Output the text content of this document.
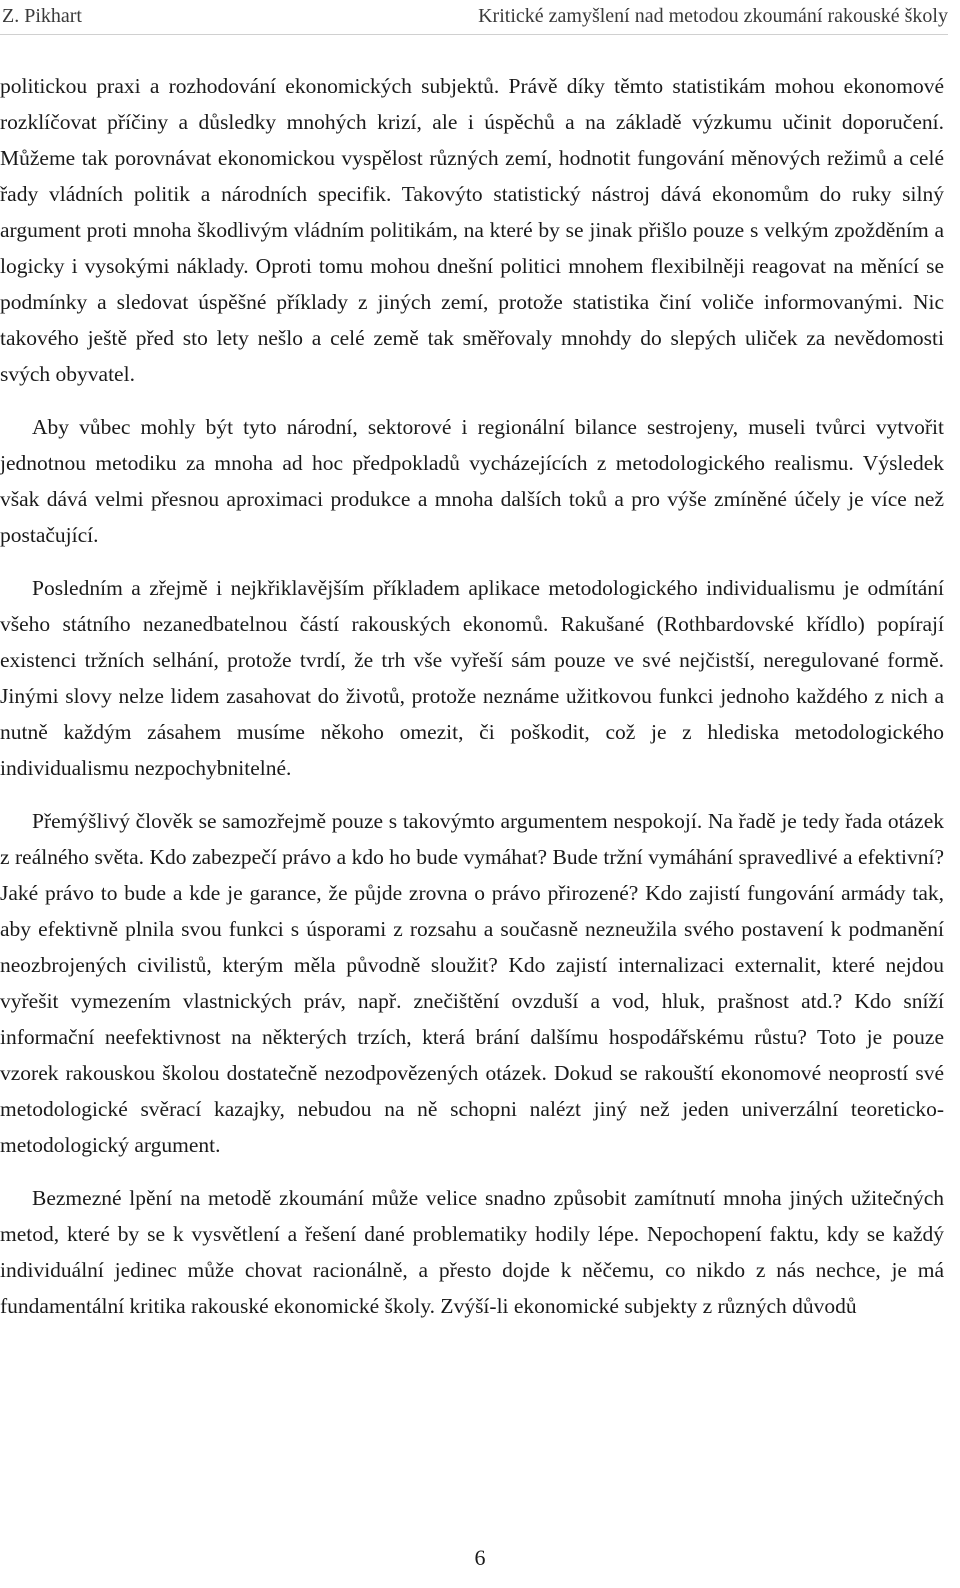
Z. Pikhart	Kritické zamyšlení nad metodou zkoumání rakouské školy

politickou praxi a rozhodování ekonomických subjektů. Právě díky těmto statistikám mohou ekonomové rozklíčovat příčiny a důsledky mnohých krizí, ale i úspěchů a na základě výzkumu učinit doporučení. Můžeme tak porovnávat ekonomickou vyspělost různých zemí, hodnotit fungování měnových režimů a celé řady vládních politik a národních specifik. Takovýto statistický nástroj dává ekonomům do ruky silný argument proti mnoha škodlivým vládním politikám, na které by se jinak přišlo pouze s velkým zpožděním a logicky i vysokými náklady. Oproti tomu mohou dnešní politici mnohem flexibilněji reagovat na měnící se podmínky a sledovat úspěšné příklady z jiných zemí, protože statistika činí voliče informovanými. Nic takového ještě před sto lety nešlo a celé země tak směřovaly mnohdy do slepých uliček za nevědomosti svých obyvatel.

Aby vůbec mohly být tyto národní, sektorové i regionální bilance sestrojeny, museli tvůrci vytvořit jednotnou metodiku za mnoha ad hoc předpokladů vycházejících z metodologického realismu. Výsledek však dává velmi přesnou aproximaci produkce a mnoha dalších toků a pro výše zmíněné účely je více než postačující.

Posledním a zřejmě i nejkřiklavějším příkladem aplikace metodologického individualismu je odmítání všeho státního nezanedbatelnou částí rakouských ekonomů. Rakušané (Rothbardovské křídlo) popírají existenci tržních selhání, protože tvrdí, že trh vše vyřeší sám pouze ve své nejčistší, neregulované formě. Jinými slovy nelze lidem zasahovat do životů, protože neznáme užitkovou funkci jednoho každého z nich a nutně každým zásahem musíme někoho omezit, či poškodit, což je z hlediska metodologického individualismu nezpochybnitelné.

Přemýšlivý člověk se samozřejmě pouze s takovýmto argumentem nespokojí. Na řadě je tedy řada otázek z reálného světa. Kdo zabezpečí právo a kdo ho bude vymáhat? Bude tržní vymáhání spravedlivé a efektivní? Jaké právo to bude a kde je garance, že půjde zrovna o právo přirozené? Kdo zajistí fungování armády tak, aby efektivně plnila svou funkci s úsporami z rozsahu a současně nezneužila svého postavení k podmanění neozbrojených civilistů, kterým měla původně sloužit? Kdo zajistí internalizaci externalit, které nejdou vyřešit vymezením vlastnických práv, např. znečištění ovzduší a vod, hluk, prašnost atd.? Kdo sníží informační neefektivnost na některých trzích, která brání dalšímu hospodářskému růstu? Toto je pouze vzorek rakouskou školou dostatečně nezodpovězených otázek. Dokud se rakouští ekonomové neoprostí své metodologické svěrací kazajky, nebudou na ně schopni nalézt jiný než jeden univerzální teoreticko-metodologický argument.

Bezmezné lpění na metodě zkoumání může velice snadno způsobit zamítnutí mnoha jiných užitečných metod, které by se k vysvětlení a řešení dané problematiky hodily lépe. Nepochopení faktu, kdy se každý individuální jedinec může chovat racionálně, a přesto dojde k něčemu, co nikdo z nás nechce, je má fundamentální kritika rakouské ekonomické školy. Zvýší-li ekonomické subjekty z různých důvodů

6
